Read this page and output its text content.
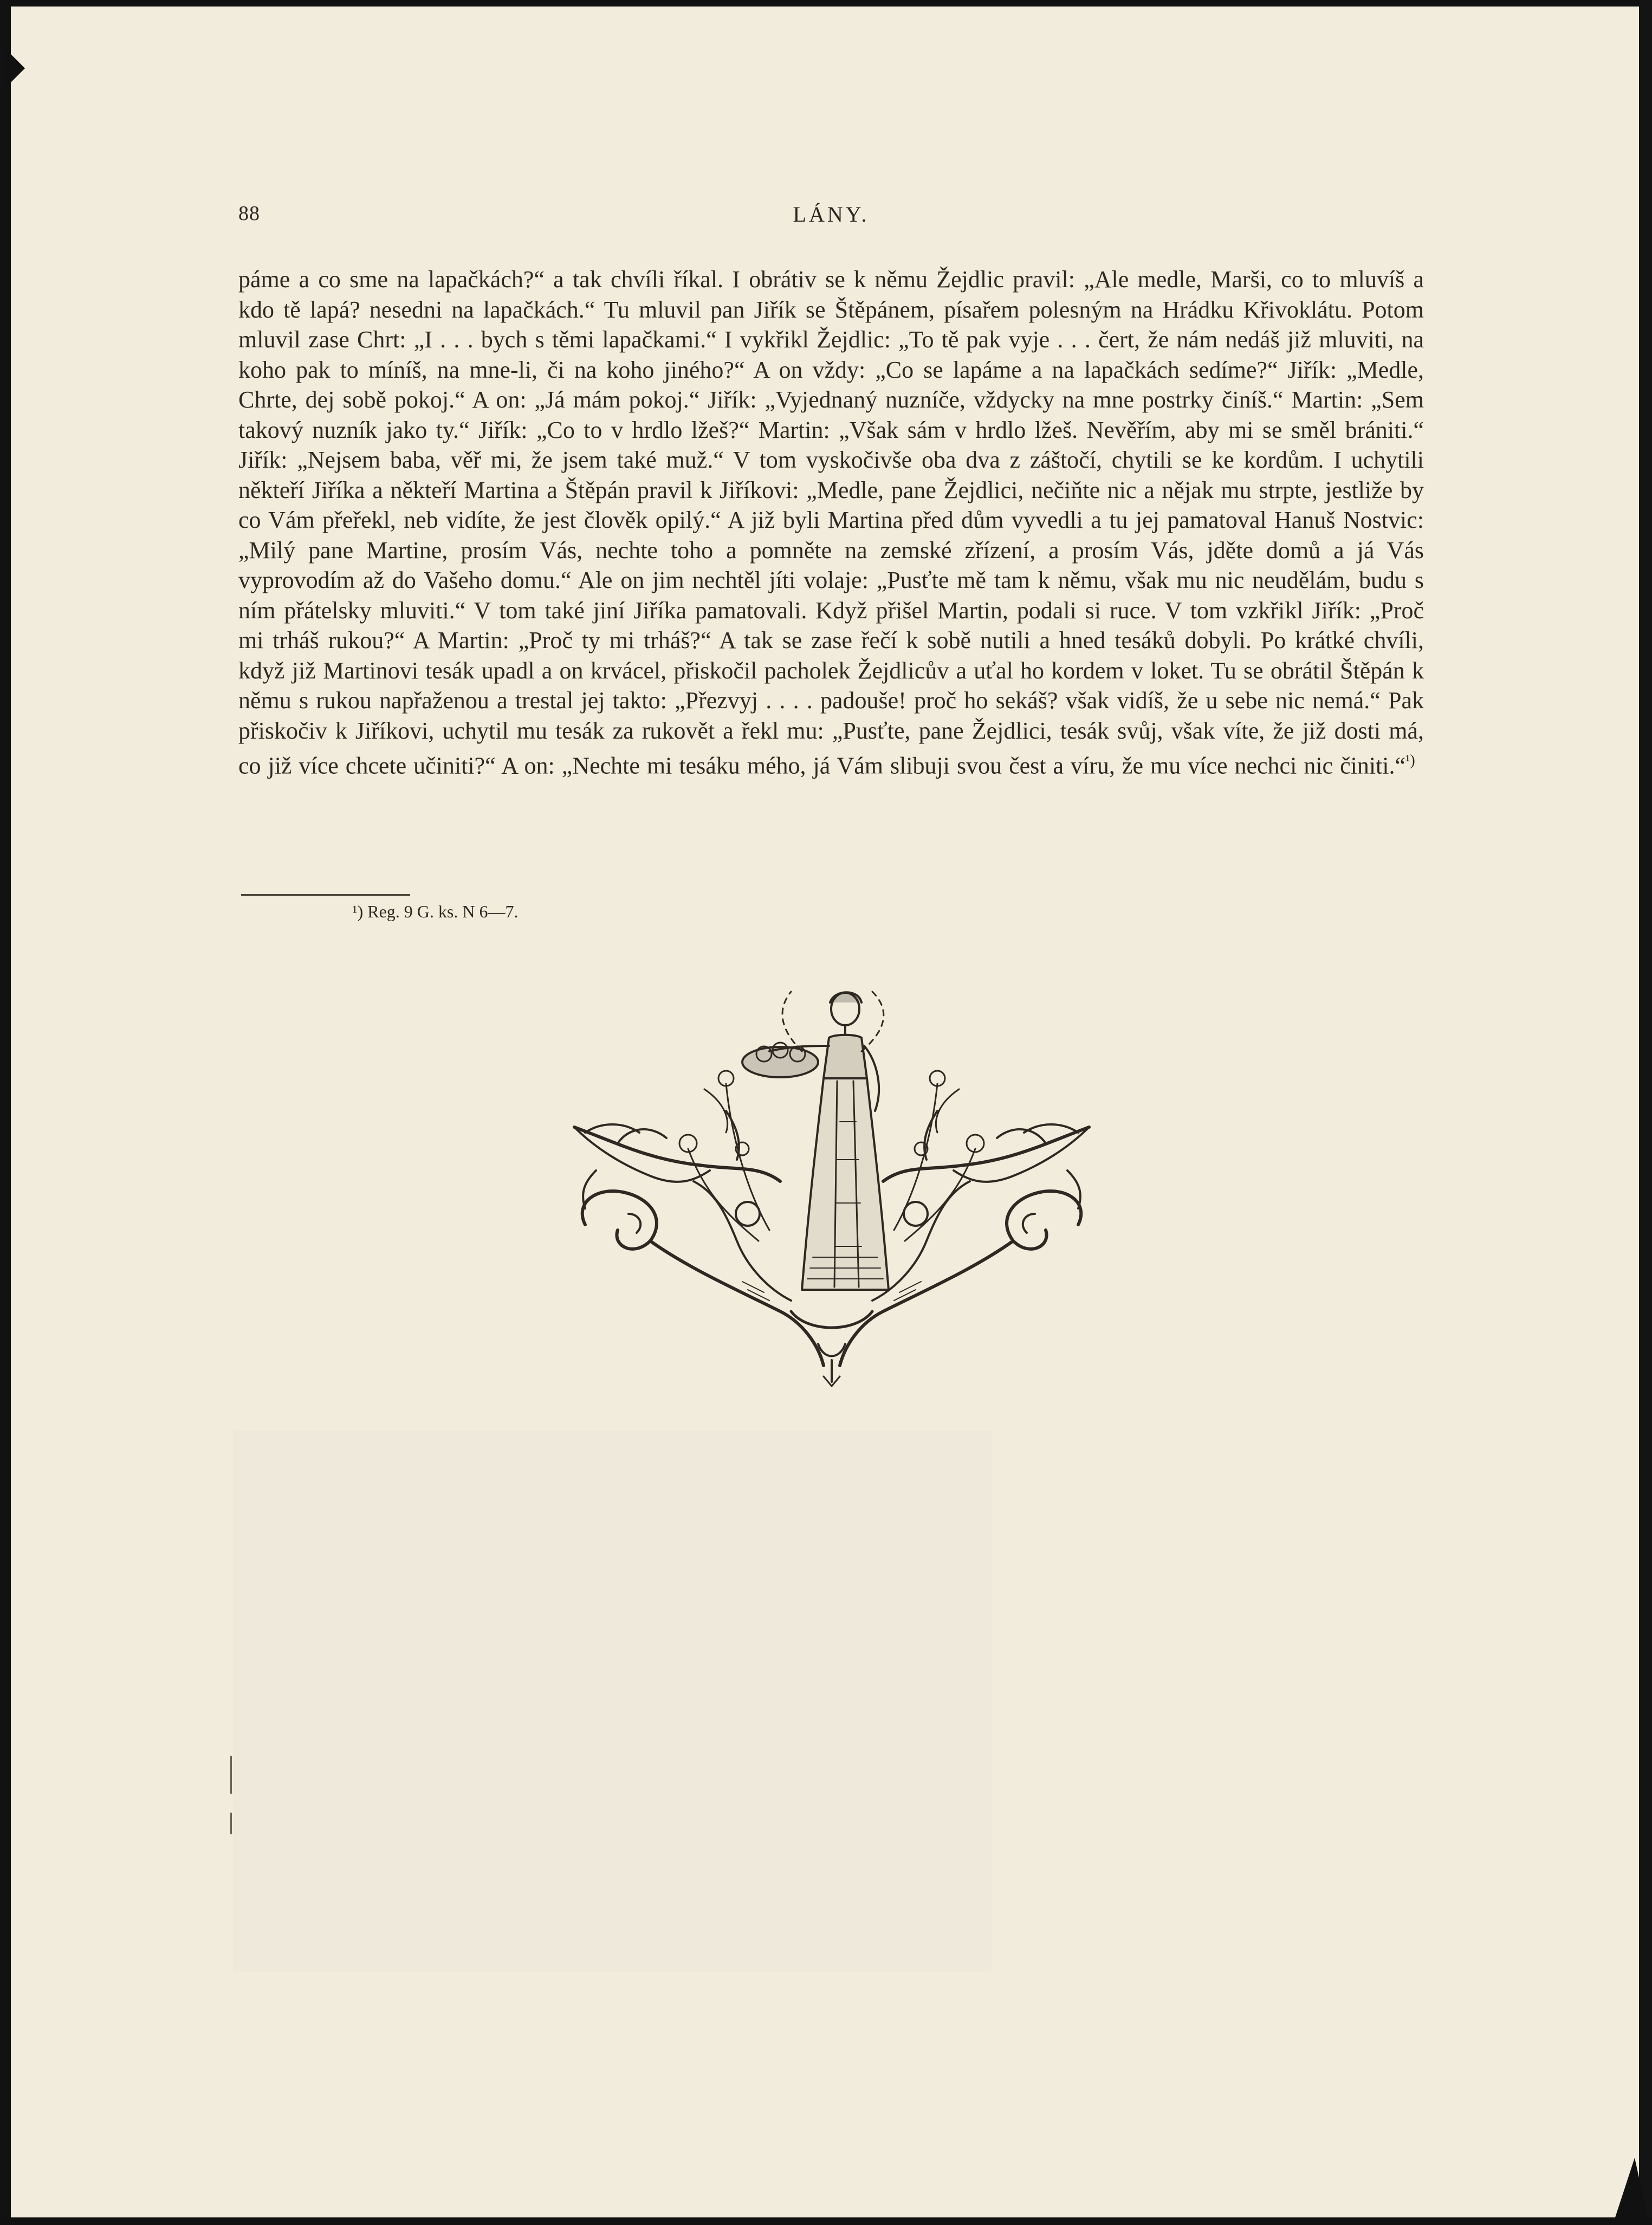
88	LÁNY.

páme a co sme na lapačkách?“ a tak chvíli říkal. I obrátiv se k němu Žejdlic pravil: „Ale medle, Marši, co to mluvíš a kdo tě lapá? nesedni na lapačkách.“ Tu mluvil pan Jiřík se Štěpánem, písařem polesným na Hrádku Křivoklátu. Potom mluvil zase Chrt: „I . . . bych s těmi lapačkami.“ I vykřikl Žejdlic: „To tě pak vyje . . . čert, že nám nedáš již mluviti, na koho pak to míníš, na mne-li, či na koho jiného?“ A on vždy: „Co se lapáme a na lapačkách sedíme?“ Jiřík: „Medle, Chrte, dej sobě pokoj.“ A on: „Já mám pokoj.“ Jiřík: „Vyjednaný nuzníče, vždycky na mne postrky činíš.“ Martin: „Sem takový nuzník jako ty.“ Jiřík: „Co to v hrdlo lžeš?“ Martin: „Však sám v hrdlo lžeš. Nevěřím, aby mi se směl brániti.“ Jiřík: „Nejsem baba, věř mi, že jsem také muž.“ V tom vyskočivše oba dva z záštočí, chytili se ke kordům. I uchytili někteří Jiříka a někteří Martina a Štěpán pravil k Jiříkovi: „Medle, pane Žejdlici, nečiňte nic a nějak mu strpte, jestliže by co Vám přeřekl, neb vidíte, že jest člověk opilý.“ A již byli Martina před dům vyvedli a tu jej pamatoval Hanuš Nostvic: „Milý pane Martine, prosím Vás, nechte toho a pomněte na zemské zřízení, a prosím Vás, jděte domů a já Vás vyprovodím až do Vašeho domu.“ Ale on jim nechtěl jíti volaje: „Pusťte mě tam k němu, však mu nic neudělám, budu s ním přátelsky mluviti.“ V tom také jiní Jiříka pamatovali. Když přišel Martin, podali si ruce. V tom vzkřikl Jiřík: „Proč mi trháš rukou?“ A Martin: „Proč ty mi trháš?“ A tak se zase řečí k sobě nutili a hned tesáků dobyli. Po krátké chvíli, když již Martinovi tesák upadl a on krvácel, přiskočil pacholek Žejdlicův a uťal ho kordem v loket. Tu se obrátil Štěpán k němu s rukou napřaženou a trestal jej takto: „Přezvyj . . . . padouše! proč ho sekáš? však vidíš, že u sebe nic nemá.“ Pak přiskočiv k Jiříkovi, uchytil mu tesák za rukovět a řekl mu: „Pusťte, pane Žejdlici, tesák svůj, však víte, že již dosti má, co již více chcete učiniti?“ A on: „Nechte mi tesáku mého, já Vám slibuji svou čest a víru, že mu více nechci nic činiti.“$^{^1)}$

¹) Reg. 9 G. ks. N 6—7.
